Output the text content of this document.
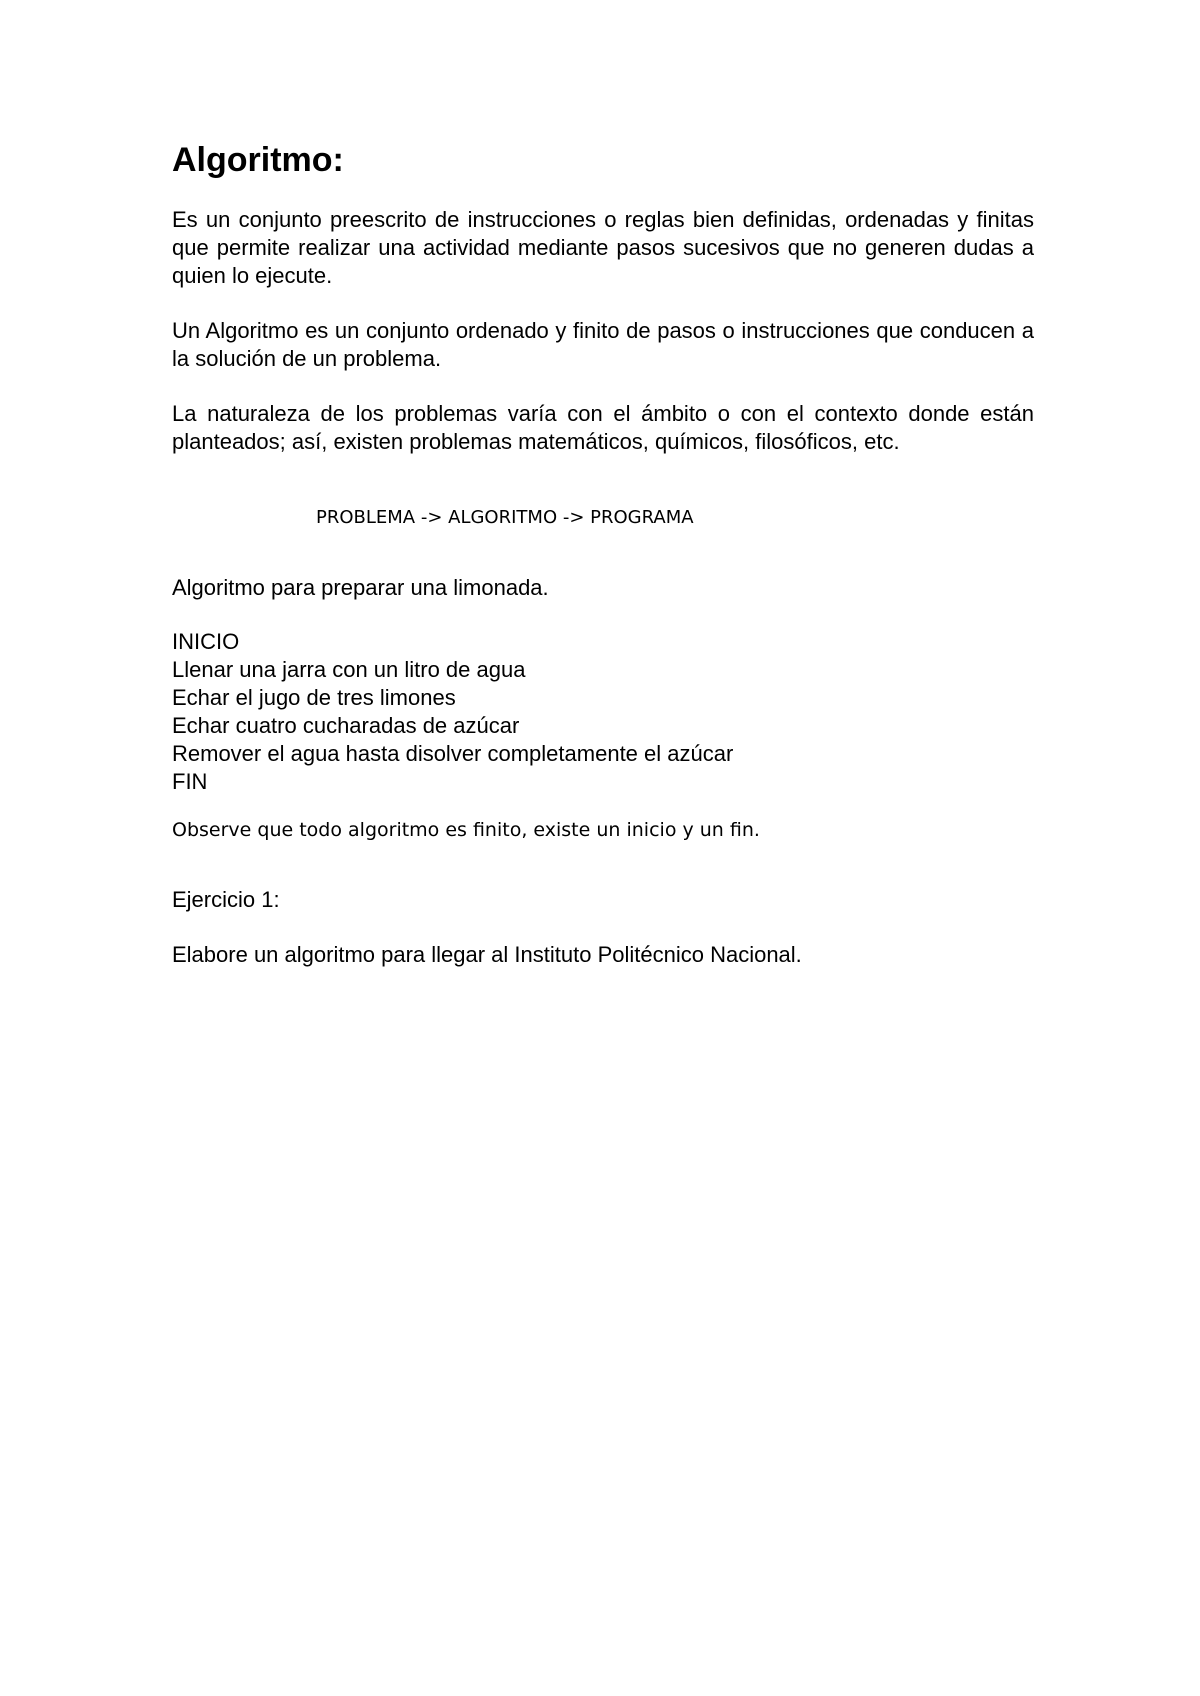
Algoritmo:

Es un conjunto preescrito de instrucciones o reglas bien definidas, ordenadas y finitas que permite realizar una actividad mediante pasos sucesivos que no generen dudas a quien lo ejecute.

Un Algoritmo es un conjunto ordenado y finito de pasos o instrucciones que conducen a la solución de un problema.

La naturaleza de los problemas varía con el ámbito o con el contexto donde están planteados; así, existen problemas matemáticos, químicos, filosóficos, etc.

PROBLEMA -> ALGORITMO -> PROGRAMA

Algoritmo para preparar una limonada.

INICIO
Llenar una jarra con un litro de agua
Echar el jugo de tres limones
Echar cuatro cucharadas de azúcar
Remover el agua hasta disolver completamente el azúcar
FIN

Observe que todo algoritmo es finito, existe un inicio y un fin.

Ejercicio 1:

Elabore un algoritmo para llegar al Instituto Politécnico Nacional.
